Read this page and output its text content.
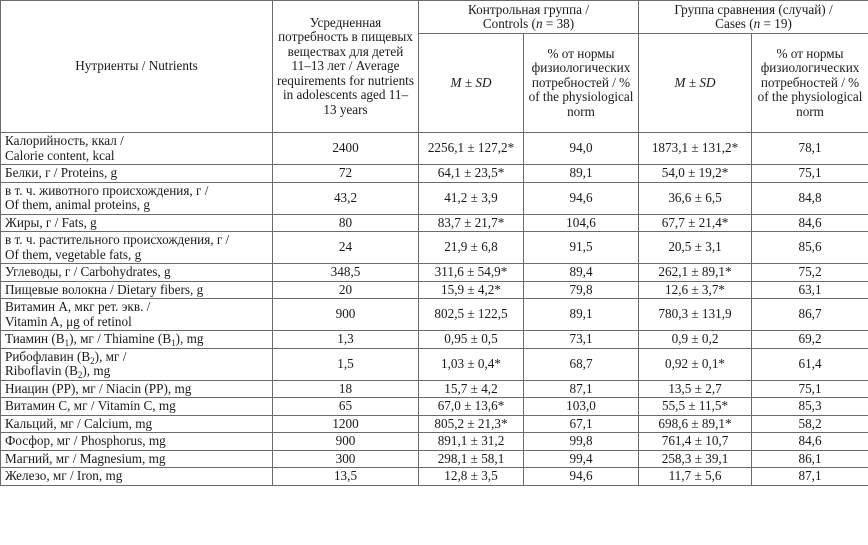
Нутриенты / Nutrients	Усредненная потребность в пищевых веществах для детей 11–13 лет / Average requirements for nutrients in adolescents aged 11–13 years	Контрольная группа /
Controls (n = 38)		Группа сравнения (случай) /
Cases (n = 19)	
		M ± SD	% от нормы физиологических потребностей / % of the physiological norm	M ± SD	% от нормы физиологических потребностей / % of the physiological norm
Калорийность, ккал /
Calorie content, kcal	2400	2256,1 ± 127,2*	94,0	1873,1 ± 131,2*	78,1
Белки, г / Proteins, g	72	64,1 ± 23,5*	89,1	54,0 ± 19,2*	75,1
в т. ч. животного происхождения, г /
Of them, animal proteins, g	43,2	41,2 ± 3,9	94,6	36,6 ± 6,5	84,8
Жиры, г / Fats, g	80	83,7 ± 21,7*	104,6	67,7 ± 21,4*	84,6
в т. ч. растительного происхождения, г /
Of them, vegetable fats, g	24	21,9 ± 6,8	91,5	20,5 ± 3,1	85,6
Углеводы, г / Carbohydrates, g	348,5	311,6 ± 54,9*	89,4	262,1 ± 89,1*	75,2
Пищевые волокна / Dietary fibers, g	20	15,9 ± 4,2*	79,8	12,6 ± 3,7*	63,1
Витамин А, мкг рет. экв. /
Vitamin A, μg of retinol	900	802,5 ± 122,5	89,1	780,3 ± 131,9	86,7
Тиамин $(B_1)$, мг / Thiamine $(B_1)$, mg	1,3	0,95 ± 0,5	73,1	0,9 ± 0,2	69,2
Рибофлавин $(B_2)$, мг /
Riboflavin $(B_2)$, mg	1,5	1,03 ± 0,4*	68,7	0,92 ± 0,1*	61,4
Ниацин (PP), мг / Niacin (PP), mg	18	15,7 ± 4,2	87,1	13,5 ± 2,7	75,1
Витамин С, мг / Vitamin C, mg	65	67,0 ± 13,6*	103,0	55,5 ± 11,5*	85,3
Кальций, мг / Calcium, mg	1200	805,2 ± 21,3*	67,1	698,6 ± 89,1*	58,2
Фосфор, мг / Phosphorus, mg	900	891,1 ± 31,2	99,8	761,4 ± 10,7	84,6
Магний, мг / Magnesium, mg	300	298,1 ± 58,1	99,4	258,3 ± 39,1	86,1
Железо, мг / Iron, mg	13,5	12,8 ± 3,5	94,6	11,7 ± 5,6	87,1
